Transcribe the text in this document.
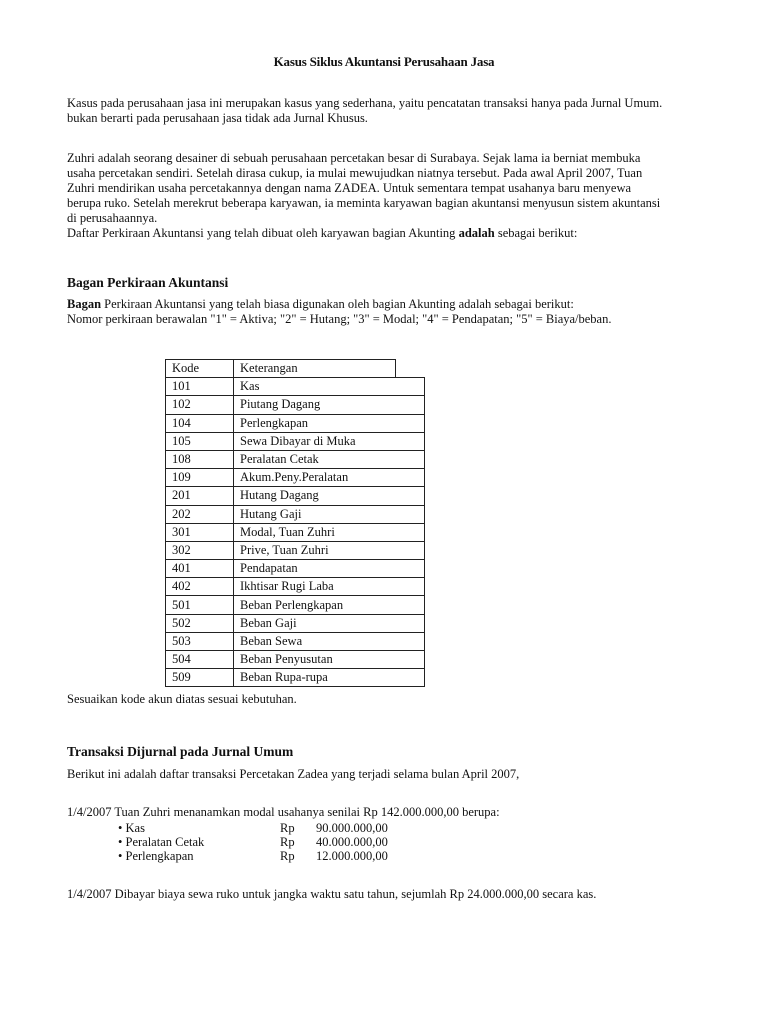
Kasus Siklus Akuntansi Perusahaan Jasa

Kasus pada perusahaan jasa ini merupakan kasus yang sederhana, yaitu pencatatan transaksi hanya pada Jurnal Umum.

bukan berarti pada perusahaan jasa tidak ada Jurnal Khusus.

Zuhri adalah seorang desainer di sebuah perusahaan percetakan besar di Surabaya. Sejak lama ia berniat membuka

usaha percetakan sendiri. Setelah dirasa cukup, ia mulai mewujudkan niatnya tersebut. Pada awal April 2007, Tuan

Zuhri mendirikan usaha percetakannya dengan nama ZADEA. Untuk sementara tempat usahanya baru menyewa

berupa ruko. Setelah merekrut beberapa karyawan, ia meminta karyawan bagian akuntansi menyusun sistem akuntansi

di perusahaannya.

Daftar Perkiraan Akuntansi yang telah dibuat oleh karyawan bagian Akunting adalah sebagai berikut:

Bagan Perkiraan Akuntansi

Bagan Perkiraan Akuntansi yang telah biasa digunakan oleh bagian Akunting adalah sebagai berikut:

Nomor perkiraan berawalan "1" = Aktiva; "2" = Hutang; "3" = Modal; "4" = Pendapatan; "5" = Biaya/beban.

Kode	Keterangan	
101	Kas	
102	Piutang Dagang	
104	Perlengkapan	
105	Sewa Dibayar di Muka	
108	Peralatan Cetak	
109	Akum.Peny.Peralatan	
201	Hutang Dagang	
202	Hutang Gaji	
301	Modal, Tuan Zuhri	
302	Prive, Tuan Zuhri	
401	Pendapatan	
402	Ikhtisar Rugi Laba	
501	Beban Perlengkapan	
502	Beban Gaji	
503	Beban Sewa	
504	Beban Penyusutan	
509	Beban Rupa-rupa	
Sesuaikan kode akun diatas sesuai kebutuhan.
Transaksi Dijurnal pada Jurnal Umum
Berikut ini adalah daftar transaksi Percetakan Zadea yang terjadi selama bulan April 2007,
1/4/2007 Tuan Zuhri menanamkan modal usahanya senilai Rp 142.000.000,00 berupa:
• Kas	Rp 90.000.000,00
• Peralatan Cetak	Rp 40.000.000,00
• Perlengkapan	Rp 12.000.000,00
1/4/2007 Dibayar biaya sewa ruko untuk jangka waktu satu tahun, sejumlah Rp 24.000.000,00 secara kas.
